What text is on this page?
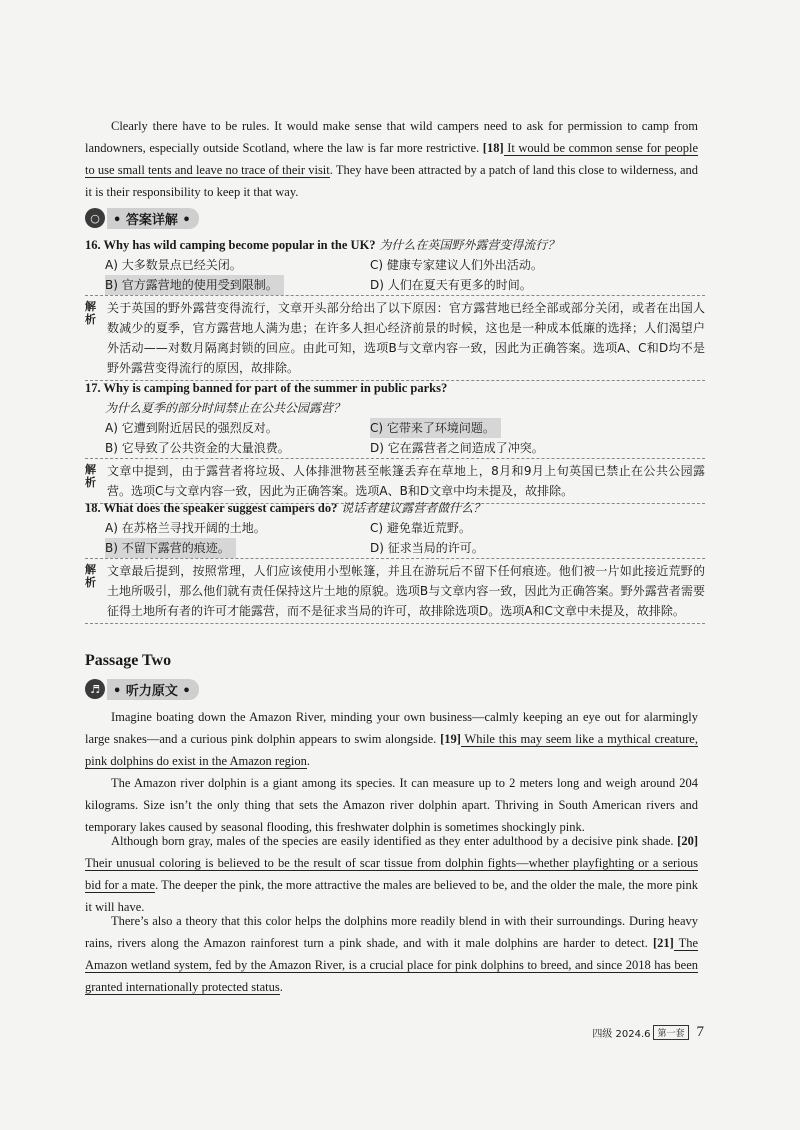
Clearly there have to be rules. It would make sense that wild campers need to ask for permission to camp from landowners, especially outside Scotland, where the law is far more restrictive. [18] It would be common sense for people to use small tents and leave no trace of their visit. They have been attracted by a patch of land this close to wilderness, and it is their responsibility to keep it that way.

○	• 答案详解 •
16. Why has wild camping become popular in the UK? 为什么在英国野外露营变得流行？
A) 大多数景点已经关闭。	C) 健康专家建议人们外出活动。
B) 官方露营地的使用受到限制。	D) 人们在夏天有更多的时间。
解析
关于英国的野外露营变得流行，文章开头部分给出了以下原因：官方露营地已经全部或部分关闭，或者在出国人数减少的夏季，官方露营地人满为患；在许多人担心经济前景的时候，这也是一种成本低廉的选择；人们渴望户外活动——对数月隔离封锁的回应。由此可知，选项B与文章内容一致，因此为正确答案。选项A、C和D均不是野外露营变得流行的原因，故排除。
17. Why is camping banned for part of the summer in public parks?
为什么夏季的部分时间禁止在公共公园露营？
A) 它遭到附近居民的强烈反对。	C) 它带来了环境问题。
B) 它导致了公共资金的大量浪费。	D) 它在露营者之间造成了冲突。
解析
文章中提到，由于露营者将垃圾、人体排泄物甚至帐篷丢弃在草地上，8月和9月上旬英国已禁止在公共公园露营。选项C与文章内容一致，因此为正确答案。选项A、B和D文章中均未提及，故排除。
18. What does the speaker suggest campers do? 说话者建议露营者做什么？
A) 在苏格兰寻找开阔的土地。	C) 避免靠近荒野。
B) 不留下露营的痕迹。	D) 征求当局的许可。
解析
文章最后提到，按照常理，人们应该使用小型帐篷，并且在游玩后不留下任何痕迹。他们被一片如此接近荒野的土地所吸引，那么他们就有责任保持这片土地的原貌。选项B与文章内容一致，因此为正确答案。野外露营者需要征得土地所有者的许可才能露营，而不是征求当局的许可，故排除选项D。选项A和C文章中未提及，故排除。
Passage Two
♬	• 听力原文 •

Imagine boating down the Amazon River, minding your own business—calmly keeping an eye out for alarmingly large snakes—and a curious pink dolphin appears to swim alongside. [19] While this may seem like a mythical creature, pink dolphins do exist in the Amazon region.

The Amazon river dolphin is a giant among its species. It can measure up to 2 meters long and weigh around 204 kilograms. Size isn’t the only thing that sets the Amazon river dolphin apart. Thriving in South American rivers and temporary lakes caused by seasonal flooding, this freshwater dolphin is sometimes shockingly pink.

Although born gray, males of the species are easily identified as they enter adulthood by a decisive pink shade. [20] Their unusual coloring is believed to be the result of scar tissue from dolphin fights—whether playfighting or a serious bid for a mate. The deeper the pink, the more attractive the males are believed to be, and the older the male, the more pink it will have.

There’s also a theory that this color helps the dolphins more readily blend in with their surroundings. During heavy rains, rivers along the Amazon rainforest turn a pink shade, and with it male dolphins are harder to detect. [21] The Amazon wetland system, fed by the Amazon River, is a crucial place for pink dolphins to breed, and since 2018 has been granted internationally protected status.

四级 2024.6 第一套 7
